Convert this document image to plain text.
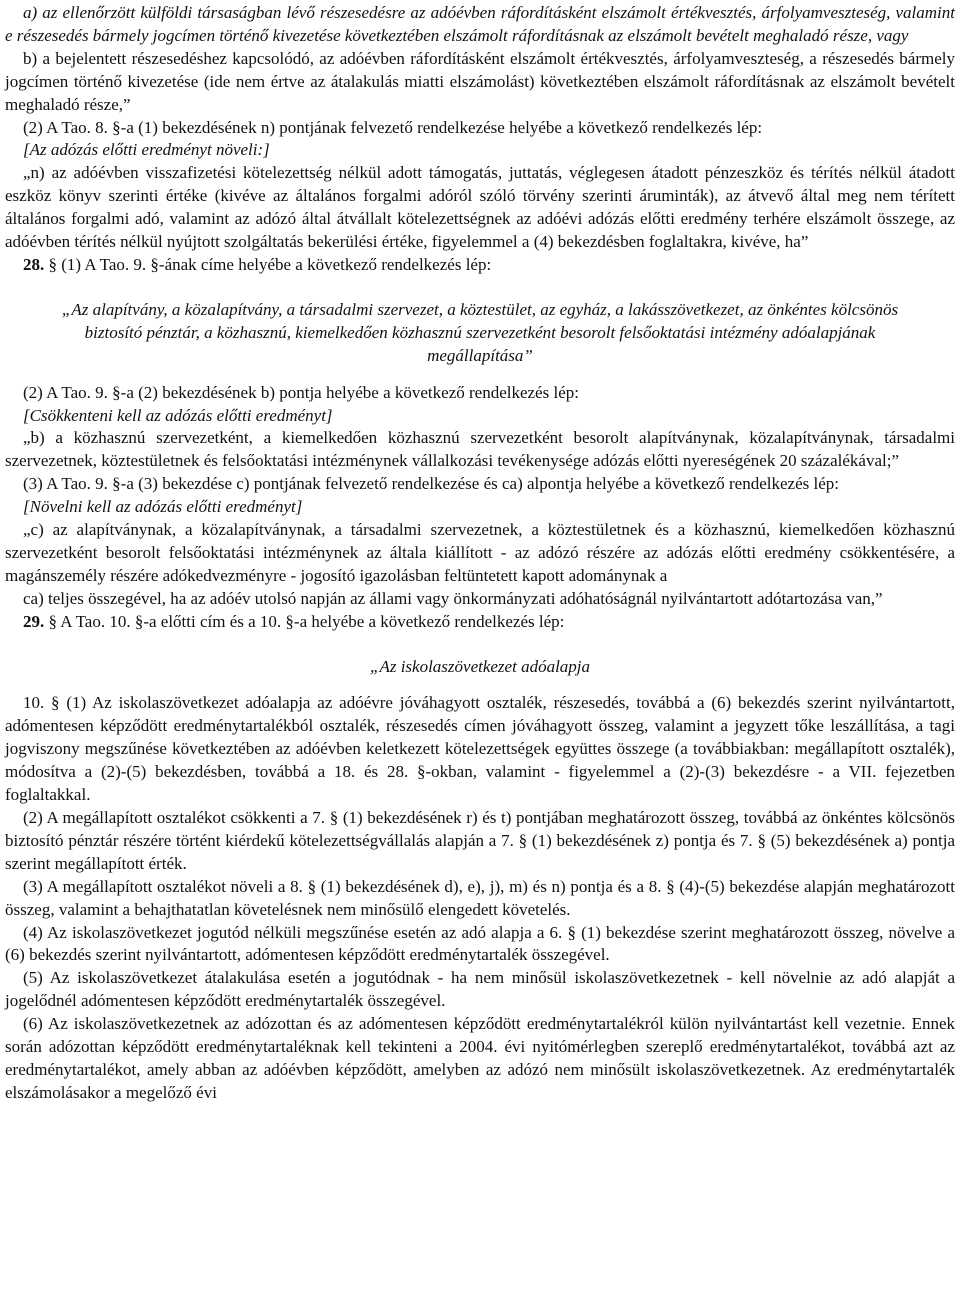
a) az ellenőrzött külföldi társaságban lévő részesedésre az adóévben ráfordításként elszámolt értékvesztés, árfolyamveszteség, valamint e részesedés bármely jogcímen történő kivezetése következtében elszámolt ráfordításnak az elszámolt bevételt meghaladó része, vagy

b) a bejelentett részesedéshez kapcsolódó, az adóévben ráfordításként elszámolt értékvesztés, árfolyamveszteség, a részesedés bármely jogcímen történő kivezetése (ide nem értve az átalakulás miatti elszámolást) következtében elszámolt ráfordításnak az elszámolt bevételt meghaladó része,”

(2) A Tao. 8. §-a (1) bekezdésének n) pontjának felvezető rendelkezése helyébe a következő rendelkezés lép:

[Az adózás előtti eredményt növeli:]

„n) az adóévben visszafizetési kötelezettség nélkül adott támogatás, juttatás, véglegesen átadott pénzeszköz és térítés nélkül átadott eszköz könyv szerinti értéke (kivéve az általános forgalmi adóról szóló törvény szerinti áruminták), az átvevő által meg nem térített általános forgalmi adó, valamint az adózó által átvállalt kötelezettségnek az adóévi adózás előtti eredmény terhére elszámolt összege, az adóévben térítés nélkül nyújtott szolgáltatás bekerülési értéke, figyelemmel a (4) bekezdésben foglaltakra, kivéve, ha”

28. § (1) A Tao. 9. §-ának címe helyébe a következő rendelkezés lép:

„Az alapítvány, a közalapítvány, a társadalmi szervezet, a köztestület, az egyház, a lakásszövetkezet, az önkéntes kölcsönös biztosító pénztár, a közhasznú, kiemelkedően közhasznú szervezetként besorolt felsőoktatási intézmény adóalapjának megállapítása”

(2) A Tao. 9. §-a (2) bekezdésének b) pontja helyébe a következő rendelkezés lép:

[Csökkenteni kell az adózás előtti eredményt]

„b) a közhasznú szervezetként, a kiemelkedően közhasznú szervezetként besorolt alapítványnak, közalapítványnak, társadalmi szervezetnek, köztestületnek és felsőoktatási intézménynek vállalkozási tevékenysége adózás előtti nyereségének 20 százalékával;”

(3) A Tao. 9. §-a (3) bekezdése c) pontjának felvezető rendelkezése és ca) alpontja helyébe a következő rendelkezés lép:

[Növelni kell az adózás előtti eredményt]

„c) az alapítványnak, a közalapítványnak, a társadalmi szervezetnek, a köztestületnek és a közhasznú, kiemelkedően közhasznú szervezetként besorolt felsőoktatási intézménynek az általa kiállított - az adózó részére az adózás előtti eredmény csökkentésére, a magánszemély részére adókedvezményre - jogosító igazolásban feltüntetett kapott adománynak a

ca) teljes összegével, ha az adóév utolsó napján az állami vagy önkormányzati adóhatóságnál nyilvántartott adótartozása van,”

29. § A Tao. 10. §-a előtti cím és a 10. §-a helyébe a következő rendelkezés lép:

„Az iskolaszövetkezet adóalapja

10. § (1) Az iskolaszövetkezet adóalapja az adóévre jóváhagyott osztalék, részesedés, továbbá a (6) bekezdés szerint nyilvántartott, adómentesen képződött eredménytartalékból osztalék, részesedés címen jóváhagyott összeg, valamint a jegyzett tőke leszállítása, a tagi jogviszony megszűnése következtében az adóévben keletkezett kötelezettségek együttes összege (a továbbiakban: megállapított osztalék), módosítva a (2)-(5) bekezdésben, továbbá a 18. és 28. §-okban, valamint - figyelemmel a (2)-(3) bekezdésre - a VII. fejezetben foglaltakkal.

(2) A megállapított osztalékot csökkenti a 7. § (1) bekezdésének r) és t) pontjában meghatározott összeg, továbbá az önkéntes kölcsönös biztosító pénztár részére történt kiérdekű kötelezettségvállalás alapján a 7. § (1) bekezdésének z) pontja és 7. § (5) bekezdésének a) pontja szerint megállapított érték.

(3) A megállapított osztalékot növeli a 8. § (1) bekezdésének d), e), j), m) és n) pontja és a 8. § (4)-(5) bekezdése alapján meghatározott összeg, valamint a behajthatatlan követelésnek nem minősülő elengedett követelés.

(4) Az iskolaszövetkezet jogutód nélküli megszűnése esetén az adó alapja a 6. § (1) bekezdése szerint meghatározott összeg, növelve a (6) bekezdés szerint nyilvántartott, adómentesen képződött eredménytartalék összegével.

(5) Az iskolaszövetkezet átalakulása esetén a jogutódnak - ha nem minősül iskolaszövetkezetnek - kell növelnie az adó alapját a jogelődnél adómentesen képződött eredménytartalék összegével.

(6) Az iskolaszövetkezetnek az adózottan és az adómentesen képződött eredménytartalékról külön nyilvántartást kell vezetnie. Ennek során adózottan képződött eredménytartaléknak kell tekinteni a 2004. évi nyitómérlegben szereplő eredménytartalékot, továbbá azt az eredménytartalékot, amely abban az adóévben képződött, amelyben az adózó nem minősült iskolaszövetkezetnek. Az eredménytartalék elszámolásakor a megelőző évi
